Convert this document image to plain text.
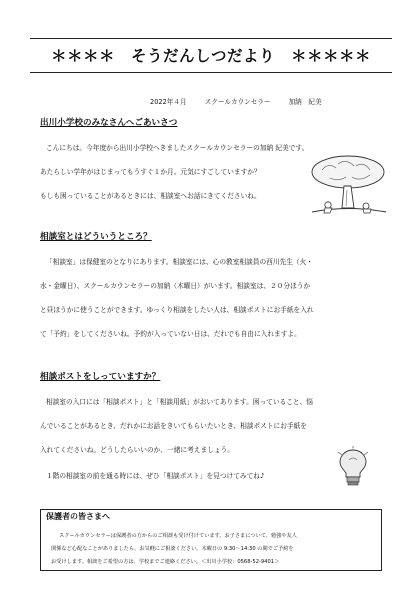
＊＊＊＊　そうだんしつだより　＊＊＊＊＊
2022年４月	スクールカウンセラー	加納　紀美
出川小学校のみなさんへごあいさつ
こんにちは。今年度から出川小学校へきましたスクールカウンセラーの加納 紀美です。
あたらしい学年がはじまってもうすぐ１か月。元気にすごしていますか？
もしも困っていることがあるときには、相談室へお話にきてくださいね。
相談室とはどういうところ？
「相談室」は保健室のとなりにあります。相談室には、心の教室相談員の西川先生（火・
水・金曜日）、スクールカウンセラーの加納（木曜日）がいます。相談室は、２０分ほうか
と昼ほうかに使うことができます。ゆっくり相談をしたい人は、相談ポストにお手紙を入れ
て「予約」をしてくださいね。予約が入っていない日は、だれでも自由に入れますよ。
相談ポストをしっていますか？
相談室の入口には「相談ポスト」と「相談用紙」がおいてあります。困っていること、悩
んでいることがあるとき、だれかにお話をきいてもらいたいとき、相談ポストにお手紙を
入れてくださいね。どうしたらいいのか、一緒に考えましょう。
１階の相談室の前を通る時には、ぜひ「相談ポスト」を見つけてみてね♪
保護者の皆さまへ
スクールカウンセラーは保護者の方からのご相談も受け付けています。お子さまについて、勉強や友人
関係など心配なことがありましたら、お気軽にご相談ください。木曜日の 9:30～14:30 の間でご予約を
お受けします。相談をご希望の方は、学校までご連絡ください。＜出川小学校：0568-52-9401＞
